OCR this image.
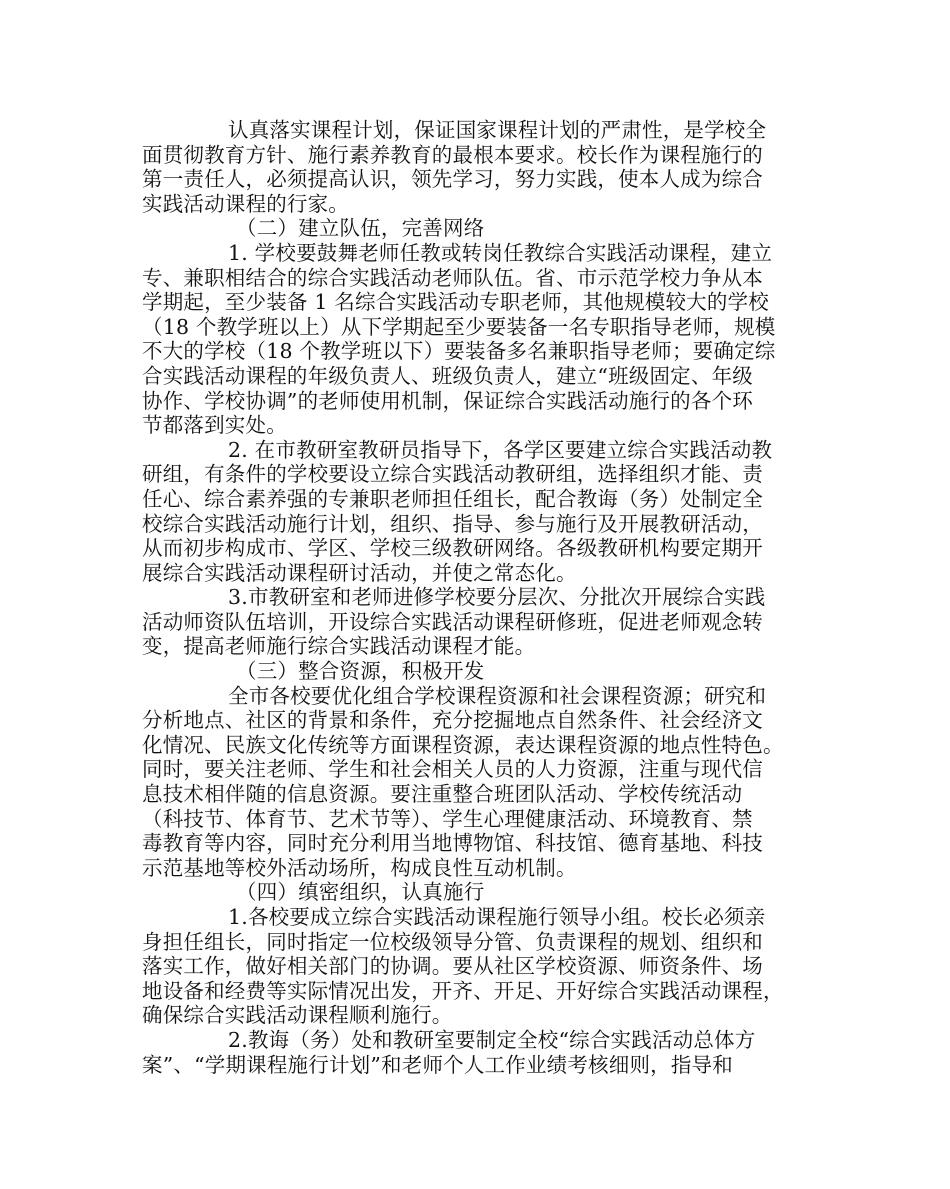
认真落实课程计划，保证国家课程计划的严肃性，是学校全
面贯彻教育方针、施行素养教育的最根本要求。校长作为课程施行的
第一责任人，必须提高认识，领先学习，努力实践，使本人成为综合
实践活动课程的行家。
（二）建立队伍，完善网络
1. 学校要鼓舞老师任教或转岗任教综合实践活动课程，建立
专、兼职相结合的综合实践活动老师队伍。省、市示范学校力争从本
学期起，至少装备 1 名综合实践活动专职老师，其他规模较大的学校
（18 个教学班以上）从下学期起至少要装备一名专职指导老师，规模
不大的学校（18 个教学班以下）要装备多名兼职指导老师；要确定综
合实践活动课程的年级负责人、班级负责人，建立“班级固定、年级
协作、学校协调”的老师使用机制，保证综合实践活动施行的各个环
节都落到实处。
2. 在市教研室教研员指导下，各学区要建立综合实践活动教
研组，有条件的学校要设立综合实践活动教研组，选择组织才能、责
任心、综合素养强的专兼职老师担任组长，配合教诲（务）处制定全
校综合实践活动施行计划，组织、指导、参与施行及开展教研活动，
从而初步构成市、学区、学校三级教研网络。各级教研机构要定期开
展综合实践活动课程研讨活动，并使之常态化。
3.市教研室和老师进修学校要分层次、分批次开展综合实践
活动师资队伍培训，开设综合实践活动课程研修班，促进老师观念转
变，提高老师施行综合实践活动课程才能。
（三）整合资源，积极开发
全市各校要优化组合学校课程资源和社会课程资源；研究和
分析地点、社区的背景和条件，充分挖掘地点自然条件、社会经济文
化情况、民族文化传统等方面课程资源，表达课程资源的地点性特色。
同时，要关注老师、学生和社会相关人员的人力资源，注重与现代信
息技术相伴随的信息资源。要注重整合班团队活动、学校传统活动
（科技节、体育节、艺术节等）、学生心理健康活动、环境教育、禁
毒教育等内容，同时充分利用当地博物馆、科技馆、德育基地、科技
示范基地等校外活动场所，构成良性互动机制。
（四）缜密组织，认真施行
1.各校要成立综合实践活动课程施行领导小组。校长必须亲
身担任组长，同时指定一位校级领导分管、负责课程的规划、组织和
落实工作，做好相关部门的协调。要从社区学校资源、师资条件、场
地设备和经费等实际情况出发，开齐、开足、开好综合实践活动课程，
确保综合实践活动课程顺利施行。
2.教诲（务）处和教研室要制定全校“综合实践活动总体方
案”、“学期课程施行计划”和老师个人工作业绩考核细则，指导和
